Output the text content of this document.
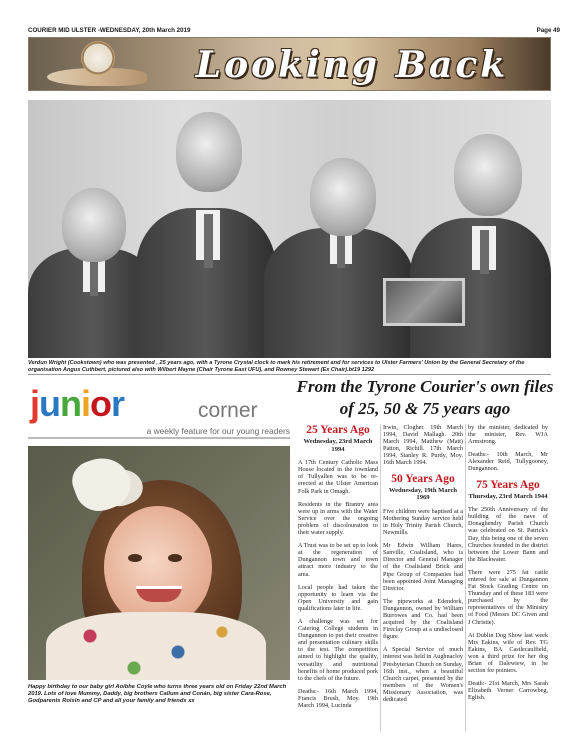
COURIER MID ULSTER -WEDNESDAY, 20th March 2019	Page 49
Looking Back
Verdun Wright (Cookstown) who was presented , 25 years ago, with a Tyrone Crystal clock to mark his retirement and for services to Ulster Farmers' Union by the General Secretary of the organisation Angus Cuthbert, pictured also with Wilbert Mayne (Chair Tyrone East UFU), and Rowney Stewart (Ex Chair).bt19 1292
junior	corner
a weekly feature for our young readers
Happy birthday to our baby girl Aoibhe Coyle who turns three years old on Friday 22nd March 2019. Lots of love Mummy, Daddy, big brothers Callum and Conán, big sister Cara-Rose, Godparents Roisin and CP and all your family and friends xx
From the Tyrone Courier's own files of 25, 50 & 75 years ago
25 Years Ago
Wednesday, 23rd March 1994

A 17th Century Catholic Mass House located in the townland of Tullyallen was to be re-erected at the Ulster American Folk Park in Omagh.

Residents in the Brantry area were up in arms with the Water Service over the ongoing problem of discolouration to their water supply.

A Trust was to be set up to look at the regeneration of Dungannon town and town attract more industry to the area.

Local people had taken the opportunity to learn via the Open University and gain qualifications later in life.

A challenge was set for Catering College students in Dungannon to put their creative and presentation culinary skills to the test. The competition aimed to highlight the quality, versatility and nutritional benefits of home produced pork to the chefs of the future.

Deaths:- 16th March 1994, Francis Brush, Moy. 19th March 1994, Lucinda

Irwin, Clogher. 19th March 1994, David Mallagh. 20th March 1994, Matthew (Matt) Patton, Richill. 17th March 1994, Stanley R. Purdy, Moy. 16th March 1994.

50 Years Ago
Wednesday, 19th March 1969

Five children were baptised at a Mothering Sunday service held in Holy Trinity Parish Church, Newmills.

Mr Edwin William Hares, Sanville, Coalisland, who is Director and General Manager of the Coalisland Brick and Pipe Group of Companies had been appointed Joint Managing Director.

The pipeworks at Edendork, Dungannon, owned by William Burrowes and Co. had been acquired by the Coalisland Fireclay Group at a undisclosed figure.

A Special Service of much interest was held in Aughnacloy Presbyterian Church on Sunday, 16th inst., when a beautiful Church carpet, presented by the members of the Women's Missionary Association, was dedicated

by the minister, dedicated by the minister, Rev. WJA Armstrong.

Deaths:- 10th March, Mr Alexander Reid, Tullygooney, Dungannon.

75 Years Ago
Thursday, 23rd March 1944

The 250th Anniversary of the building of the nave of Donaghendry Parish Church was celebrated on St. Patrick's Day, this being one of the seven Churches founded in the district between the Lower Bann and the Blackwater.

There were 275 fat cattle entered for sale at Dungannon Fat Stock Grading Centre on Thursday and of these 183 were purchased by the representatives of the Ministry of Food (Messrs DC Given and J Christie).

At Dublin Dog Show last week Mrs Eakins, wife of Rev. TG Eakins, BA Castlecaulfield, won a third prize for her dog Brian of Dalewiew, in he section for pointers.

Death:- 21st March, Mrs Sarah Elizabeth Verner Carrowbeg, Eglish.
